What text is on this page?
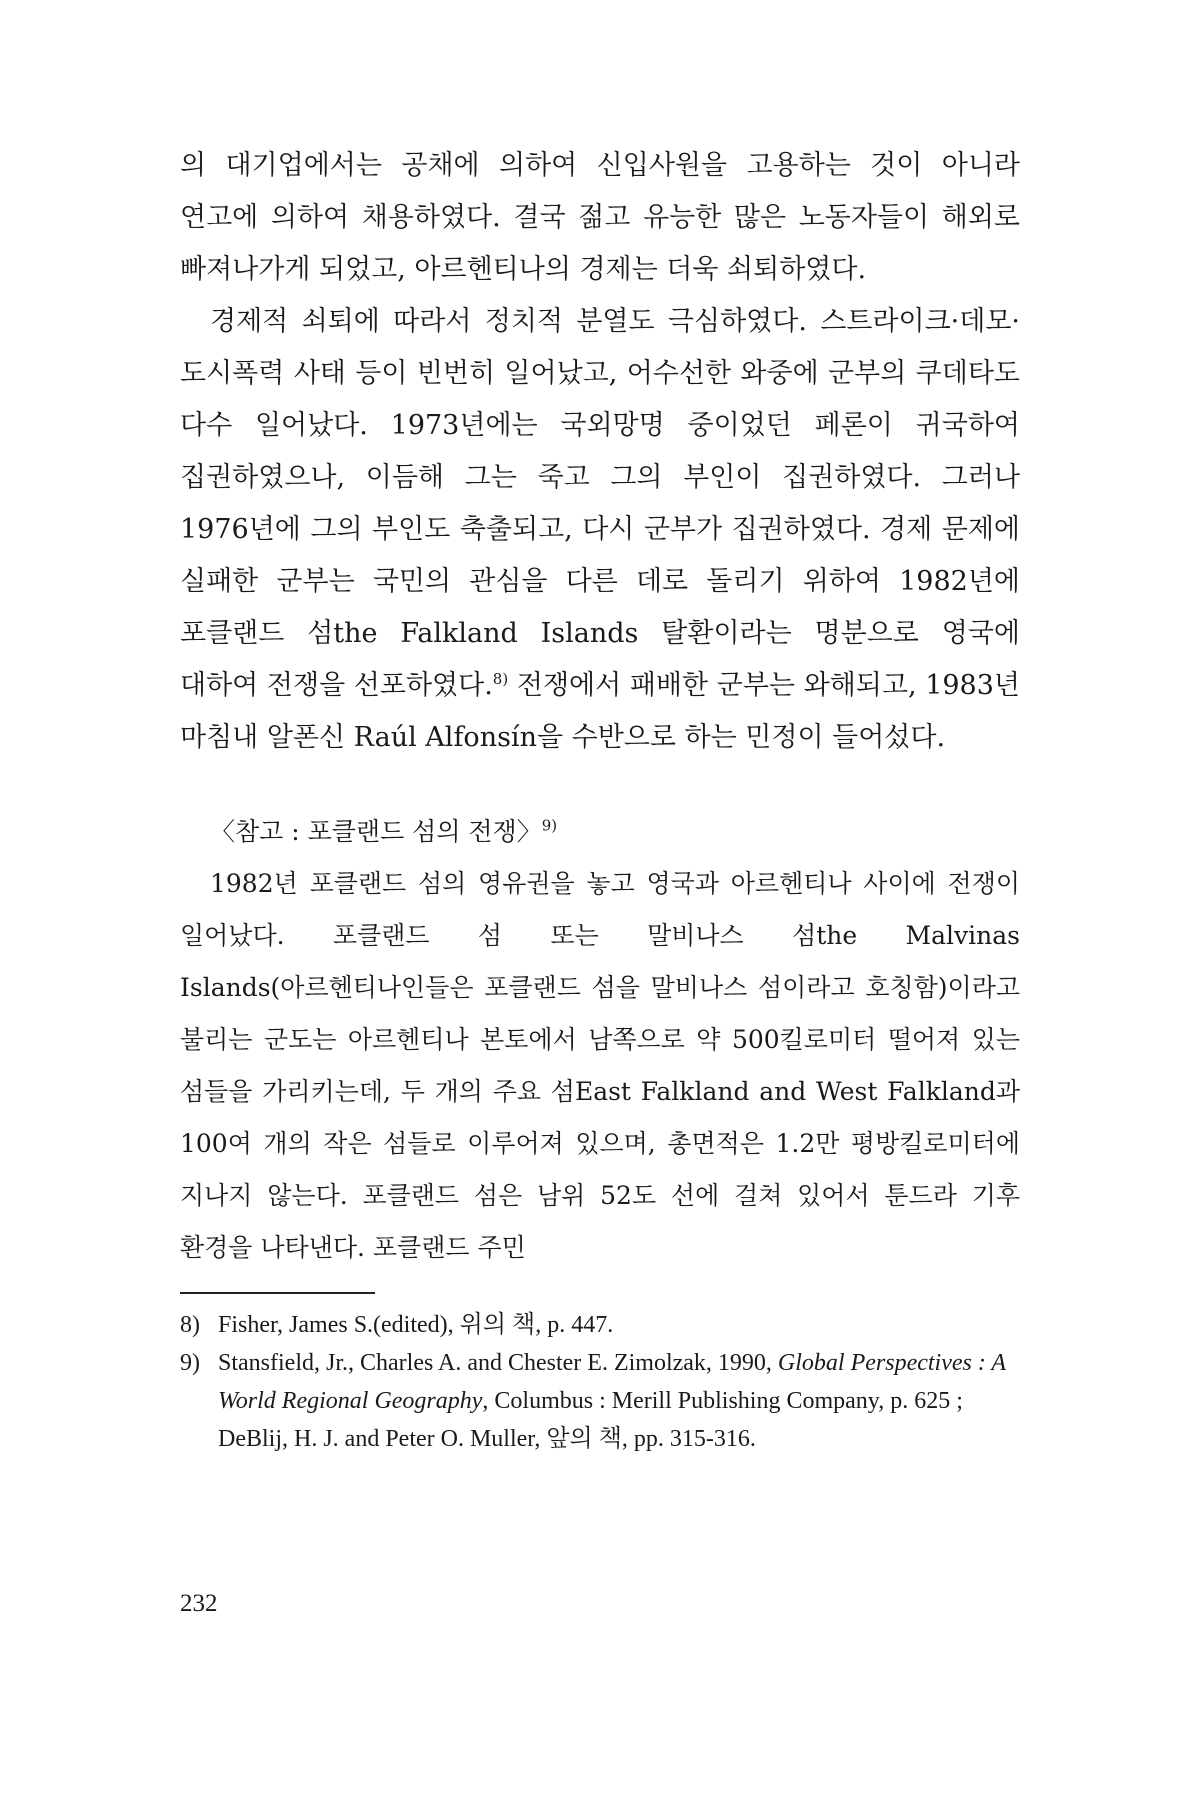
의 대기업에서는 공채에 의하여 신입사원을 고용하는 것이 아니라 연고에 의하여 채용하였다. 결국 젊고 유능한 많은 노동자들이 해외로 빠져나가게 되었고, 아르헨티나의 경제는 더욱 쇠퇴하였다.

경제적 쇠퇴에 따라서 정치적 분열도 극심하였다. 스트라이크·데모·도시폭력 사태 등이 빈번히 일어났고, 어수선한 와중에 군부의 쿠데타도 다수 일어났다. 1973년에는 국외망명 중이었던 페론이 귀국하여 집권하였으나, 이듬해 그는 죽고 그의 부인이 집권하였다. 그러나 1976년에 그의 부인도 축출되고, 다시 군부가 집권하였다. 경제 문제에 실패한 군부는 국민의 관심을 다른 데로 돌리기 위하여 1982년에 포클랜드 섬the Falkland Islands 탈환이라는 명분으로 영국에 대하여 전쟁을 선포하였다.$^{8)}$ 전쟁에서 패배한 군부는 와해되고, 1983년 마침내 알폰신 Raúl Alfonsín을 수반으로 하는 민정이 들어섰다.

〈참고 : 포클랜드 섬의 전쟁〉$^{9)}$

1982년 포클랜드 섬의 영유권을 놓고 영국과 아르헨티나 사이에 전쟁이 일어났다. 포클랜드 섬 또는 말비나스 섬the Malvinas Islands(아르헨티나인들은 포클랜드 섬을 말비나스 섬이라고 호칭함)이라고 불리는 군도는 아르헨티나 본토에서 남쪽으로 약 500킬로미터 떨어져 있는 섬들을 가리키는데, 두 개의 주요 섬East Falkland and West Falkland과 100여 개의 작은 섬들로 이루어져 있으며, 총면적은 1.2만 평방킬로미터에 지나지 않는다. 포클랜드 섬은 남위 52도 선에 걸쳐 있어서 툰드라 기후 환경을 나타낸다. 포클랜드 주민

8) Fisher, James S.(edited), 위의 책, p. 447.
9) Stansfield, Jr., Charles A. and Chester E. Zimolzak, 1990, Global Perspectives : A World Regional Geography, Columbus : Merill Publishing Company, p. 625 ; DeBlij, H. J. and Peter O. Muller, 앞의 책, pp. 315-316.
232
